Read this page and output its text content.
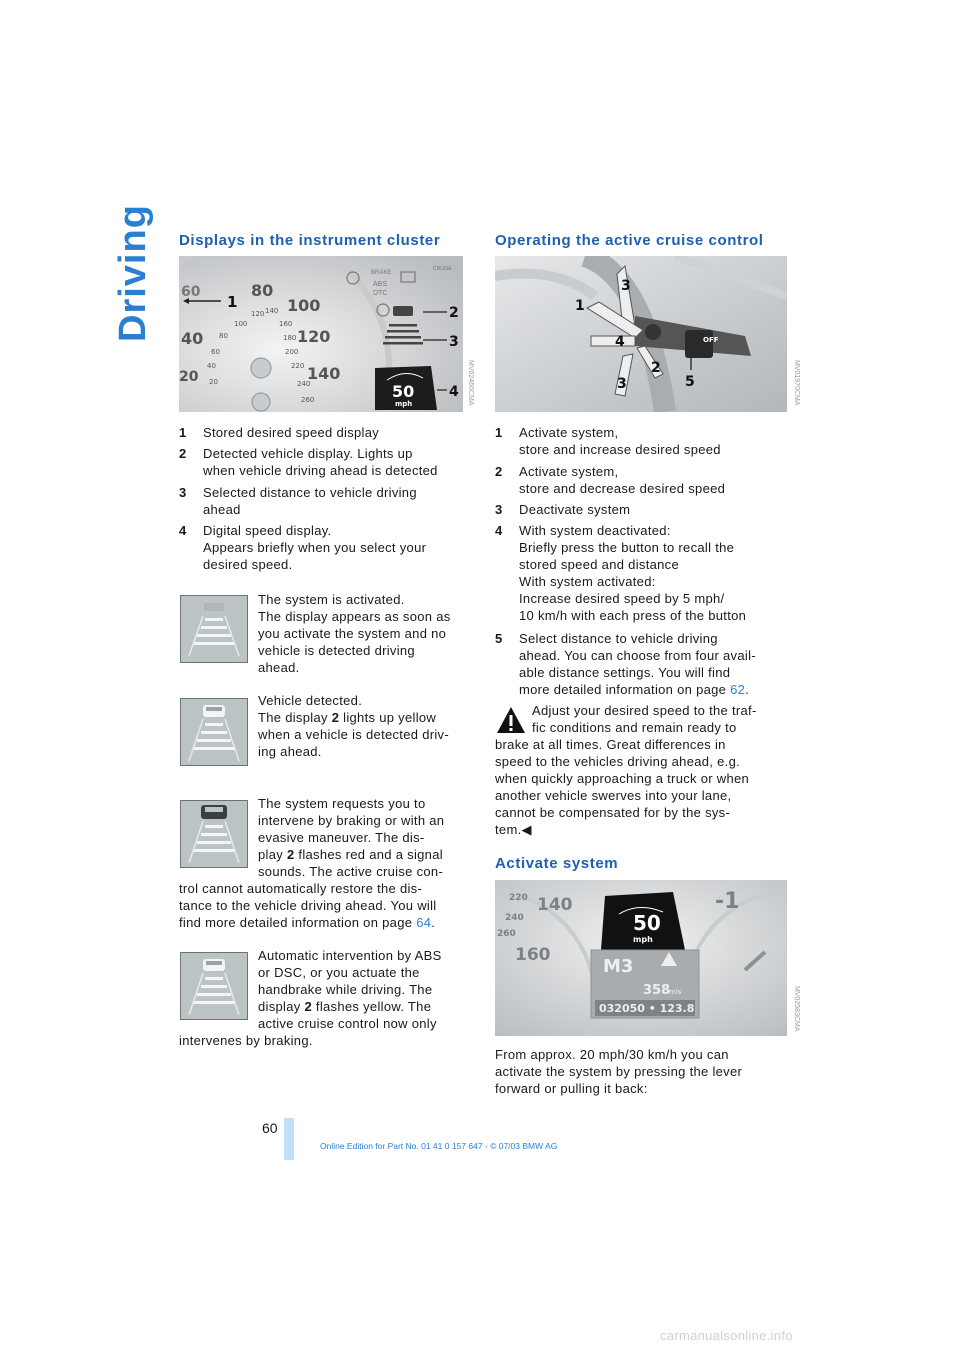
Driving Displays in the instrument cluster
60	80
100
120
140
40
20
100
120 140
160
180
200
220
240
260
80
60
40
20
1
BRAKE
ABS
DTC
CRUISE
2
3
50
mph
4 MV02460CMA
1 Stored desired speed display
2 Detected vehicle display. Lights up
when vehicle driving ahead is detected
3 Selected distance to vehicle driving
ahead
4 Digital speed display.
Appears briefly when you select your
desired speed.
The system is activated.
The display appears as soon as
you activate the system and no
vehicle is detected driving
ahead.
Vehicle detected.
The display 2 lights up yellow
when a vehicle is detected driv-
ing ahead.
The system requests you to
intervene by braking or with an
evasive maneuver. The dis-
play 2 flashes red and a signal
sounds. The active cruise con-
trol cannot automatically restore the dis-
tance to the vehicle driving ahead. You will
find more detailed information on page 64.
Automatic intervention by ABS
or DSC, or you actuate the
handbrake while driving. The
display 2 flashes yellow. The
active cruise control now only
intervenes by braking.
Operating the active cruise control
OFF
3
1
4
2
3	5	MV01970CMA
1 Activate system,
store and increase desired speed
2 Activate system,
store and decrease desired speed
3 Deactivate system
4 With system deactivated:
Briefly press the button to recall the
stored speed and distance
With system activated:
Increase desired speed by 5 mph/
10 km/h with each press of the button
5 Select distance to vehicle driving
ahead. You can choose from four avail-
able distance settings. You will find
more detailed information on page 62.
Adjust your desired speed to the traf-
fic conditions and remain ready to
brake at all times. Great differences in
speed to the vehicles driving ahead, e.g.
when quickly approaching a truck or when
another vehicle swerves into your lane,
cannot be compensated for by the sys-
tem.◀
Activate system
220
240
260
140
160
-1
50
mph
M3
358
mls
032050 • 123.8	MV02583CMA
From approx. 20 mph/30 km/h you can
activate the system by pressing the lever
forward or pulling it back:
60
Online Edition for Part No. 01 41 0 157 647 - © 07/03 BMW AG
carmanualsonline.info
